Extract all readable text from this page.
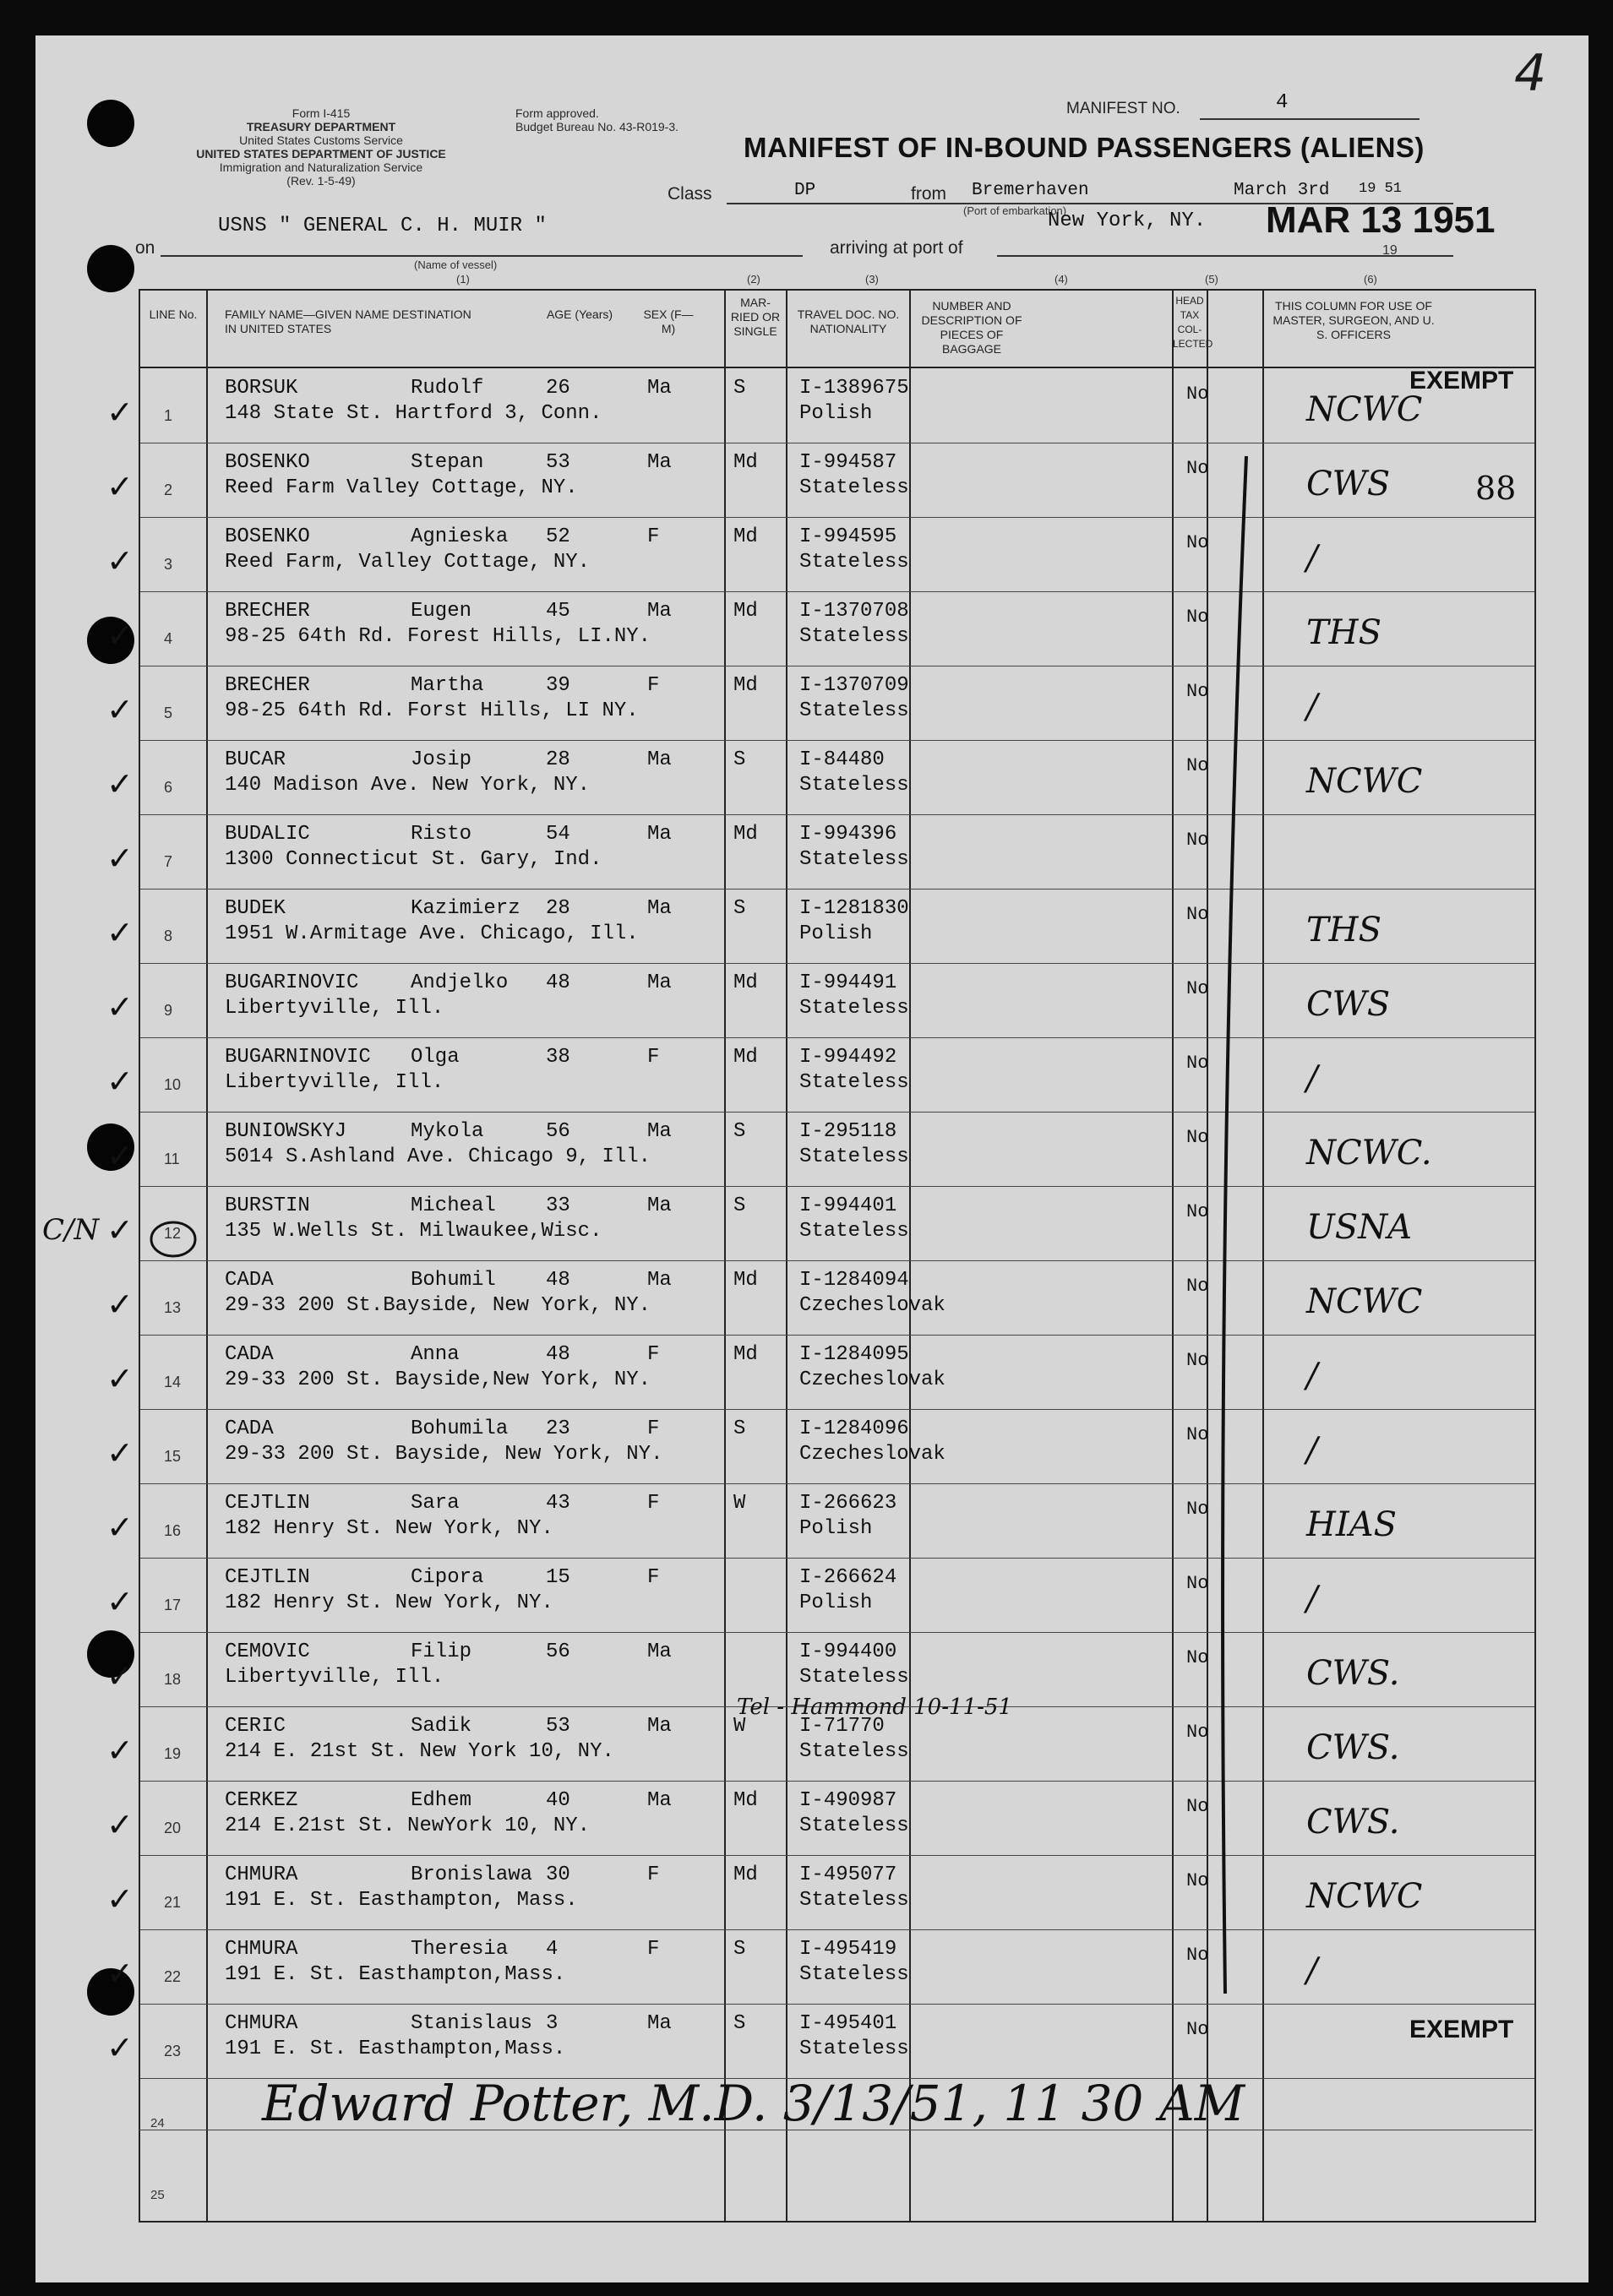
4
Form I-415
TREASURY DEPARTMENT
United States Customs Service
UNITED STATES DEPARTMENT OF JUSTICE
Immigration and Naturalization Service
(Rev. 1-5-49)
Form approved.
Budget Bureau No. 43-R019-3.
MANIFEST NO.	4
MANIFEST OF IN-BOUND PASSENGERS (ALIENS)
Class	DP	from Bremerhaven	March 3rd 19 51
(Port of embarkation)
USNS " GENERAL C. H. MUIR "
on
(Name of vessel)
arriving at port of
New York, NY. MAR 13 1951
19
(1)	(2)	(3)	(4)	(5)	(6)
LINE No.	FAMILY NAME—GIVEN NAME DESTINATION IN UNITED STATES
AGE (Years)	SEX (F—M)
MAR- RIED OR SINGLE
TRAVEL DOC. NO. NATIONALITY
NUMBER AND DESCRIPTION OF PIECES OF BAGGAGE
HEAD TAX COL- LECTED
THIS COLUMN FOR USE OF MASTER, SURGEON, AND U. S. OFFICERS
1
BORSUK	Rudolf	26	Ma	S	I-1389675
Polish
148 State St. Hartford 3, Conn.
No	NCWC
✓
2
BOSENKO	Stepan	53	Ma	Md I-994587
Stateless
Reed Farm Valley Cottage, NY.
No	CWS
✓
3
BOSENKO	Agnieska 52	F	Md I-994595
Stateless
Reed Farm, Valley Cottage, NY.
No	/
✓
4
BRECHER	Eugen	45	Ma	Md I-1370708
Stateless
98-25 64th Rd. Forest Hills, LI.NY.
No	THS
✓
5
BRECHER	Martha	39	F	Md I-1370709
Stateless
98-25 64th Rd. Forst Hills, LI NY.
No	/
✓
6
BUCAR	Josip	28	Ma	S	I-84480
Stateless
140 Madison Ave. New York, NY.
No	NCWC
✓
7
BUDALIC	Risto	54	Ma	Md I-994396
Stateless
1300 Connecticut St. Gary, Ind.
No
✓
8
BUDEK	Kazimierz 28	Ma	S	I-1281830
Polish
1951 W.Armitage Ave. Chicago, Ill.
No	THS
✓
9
BUGARINOVIC	Andjelko 48	Ma	Md I-994491
Stateless
Libertyville, Ill.
No	CWS
✓
10
BUGARNINOVIC Olga	38	F	Md I-994492
Stateless
Libertyville, Ill.
No	/
✓
11
BUNIOWSKYJ	Mykola	56	Ma	S	I-295118
Stateless
5014 S.Ashland Ave. Chicago 9, Ill.
No	NCWC.
✓
12
BURSTIN	Micheal 33	Ma	S	I-994401
Stateless
135 W.Wells St. Milwaukee,Wisc.
No	USNA
✓
13
CADA	Bohumil 48	Ma	Md I-1284094
Czecheslovak
29-33 200 St.Bayside, New York, NY.
No	NCWC
✓
14
CADA	Anna	48	F	Md I-1284095
Czecheslovak
29-33 200 St. Bayside,New York, NY.
No	/
✓
15
CADA	Bohumila 23	F	S	I-1284096
Czecheslovak
29-33 200 St. Bayside, New York, NY.
No	/
✓
16
CEJTLIN	Sara	43	F	W	I-266623
Polish
182 Henry St. New York, NY.
No	HIAS
✓
17
CEJTLIN	Cipora	15	F	I-266624
Polish
182 Henry St. New York, NY.
No	/
✓
18
CEMOVIC	Filip	56	Ma	I-994400
Stateless
Libertyville, Ill.
No	CWS.
✓
19
CERIC	Sadik	53	Ma	W	I-71770
Stateless
214 E. 21st St. New York 10, NY.
No	CWS.
✓
20
CERKEZ	Edhem	40	Ma	Md I-490987
Stateless
214 E.21st St. NewYork 10, NY.
No	CWS.
✓
21
CHMURA	Bronislawa 30	F	Md I-495077
Stateless
191 E. St. Easthampton, Mass.
No	NCWC
✓
22
CHMURA	Theresia 4	F	S	I-495419
Stateless
191 E. St. Easthampton,Mass.
No	/
✓
23
CHMURA	Stanislaus 3	Ma	S	I-495401
Stateless
191 E. St. Easthampton,Mass.
No
✓
24
25
EXEMPT
EXEMPT
88
Tel - Hammond 10-11-51
C/N
Edward Potter, M.D. 3/13/51, 11 30 AM
